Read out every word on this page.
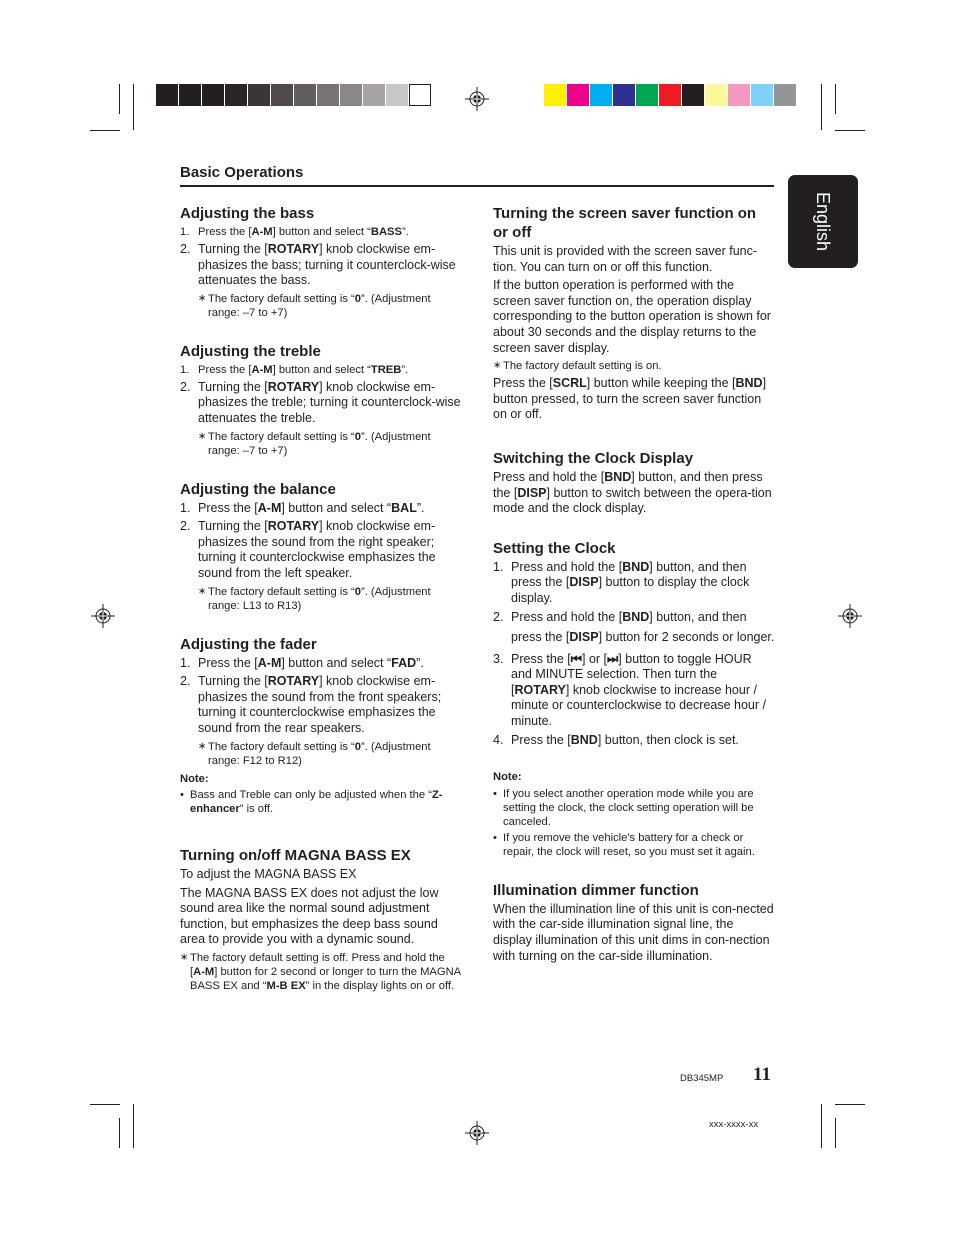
Basic Operations
English
Adjusting the bass
1. Press the [A-M] button and select “BASS”.
2. Turning the [ROTARY] knob clockwise em-phasizes the bass; turning it counterclock-wise attenuates the bass.
∗ The factory default setting is “0”. (Adjustment range: –7 to +7)
Adjusting the treble
1. Press the [A-M] button and select “TREB”.
2. Turning the [ROTARY] knob clockwise em-phasizes the treble; turning it counterclock-wise attenuates the treble.
∗ The factory default setting is “0”. (Adjustment range: –7 to +7)
Adjusting the balance
1. Press the [A-M] button and select “BAL”.
2. Turning the [ROTARY] knob clockwise em-phasizes the sound from the right speaker; turning it counterclockwise emphasizes the sound from the left speaker.
∗ The factory default setting is “0”. (Adjustment range: L13 to R13)
Adjusting the fader
1. Press the [A-M] button and select “FAD”.
2. Turning the [ROTARY] knob clockwise em-phasizes the sound from the front speakers; turning it counterclockwise emphasizes the sound from the rear speakers.
∗ The factory default setting is “0”. (Adjustment range: F12 to R12)
Note:
• Bass and Treble can only be adjusted when the “Z-enhancer” is off.
Turning on/off MAGNA BASS EX

To adjust the MAGNA BASS EX

The MAGNA BASS EX does not adjust the low sound area like the normal sound adjustment function, but emphasizes the deep bass sound area to provide you with a dynamic sound.

∗ The factory default setting is off. Press and hold the [A-M] button for 2 second or longer to turn the MAGNA BASS EX and “M-B EX” in the display lights on or off.
Turning the screen saver function on or off

This unit is provided with the screen saver func-tion. You can turn on or off this function.

If the button operation is performed with the screen saver function on, the operation display corresponding to the button operation is shown for about 30 seconds and the display returns to the screen saver display.

∗ The factory default setting is on.

Press the [SCRL] button while keeping the [BND] button pressed, to turn the screen saver function on or off.

Switching the Clock Display

Press and hold the [BND] button, and then press the [DISP] button to switch between the opera-tion mode and the clock display.

Setting the Clock
1. Press and hold the [BND] button, and then press the [DISP] button to display the clock display.
2. Press and hold the [BND] button, and then
press the [DISP] button for 2 seconds or longer.
3. Press the [⏮] or [⏭] button to toggle HOUR and MINUTE selection. Then turn the [ROTARY] knob clockwise to increase hour / minute or counterclockwise to decrease hour / minute.
4. Press the [BND] button, then clock is set.
Note:
• If you select another operation mode while you are setting the clock, the clock setting operation will be canceled.
• If you remove the vehicle's battery for a check or repair, the clock will reset, so you must set it again.
Illumination dimmer function

When the illumination line of this unit is con-nected with the car-side illumination signal line, the display illumination of this unit dims in con-nection with turning on the car-side illumination.

DB345MP 11
xxx-xxxx-xx
